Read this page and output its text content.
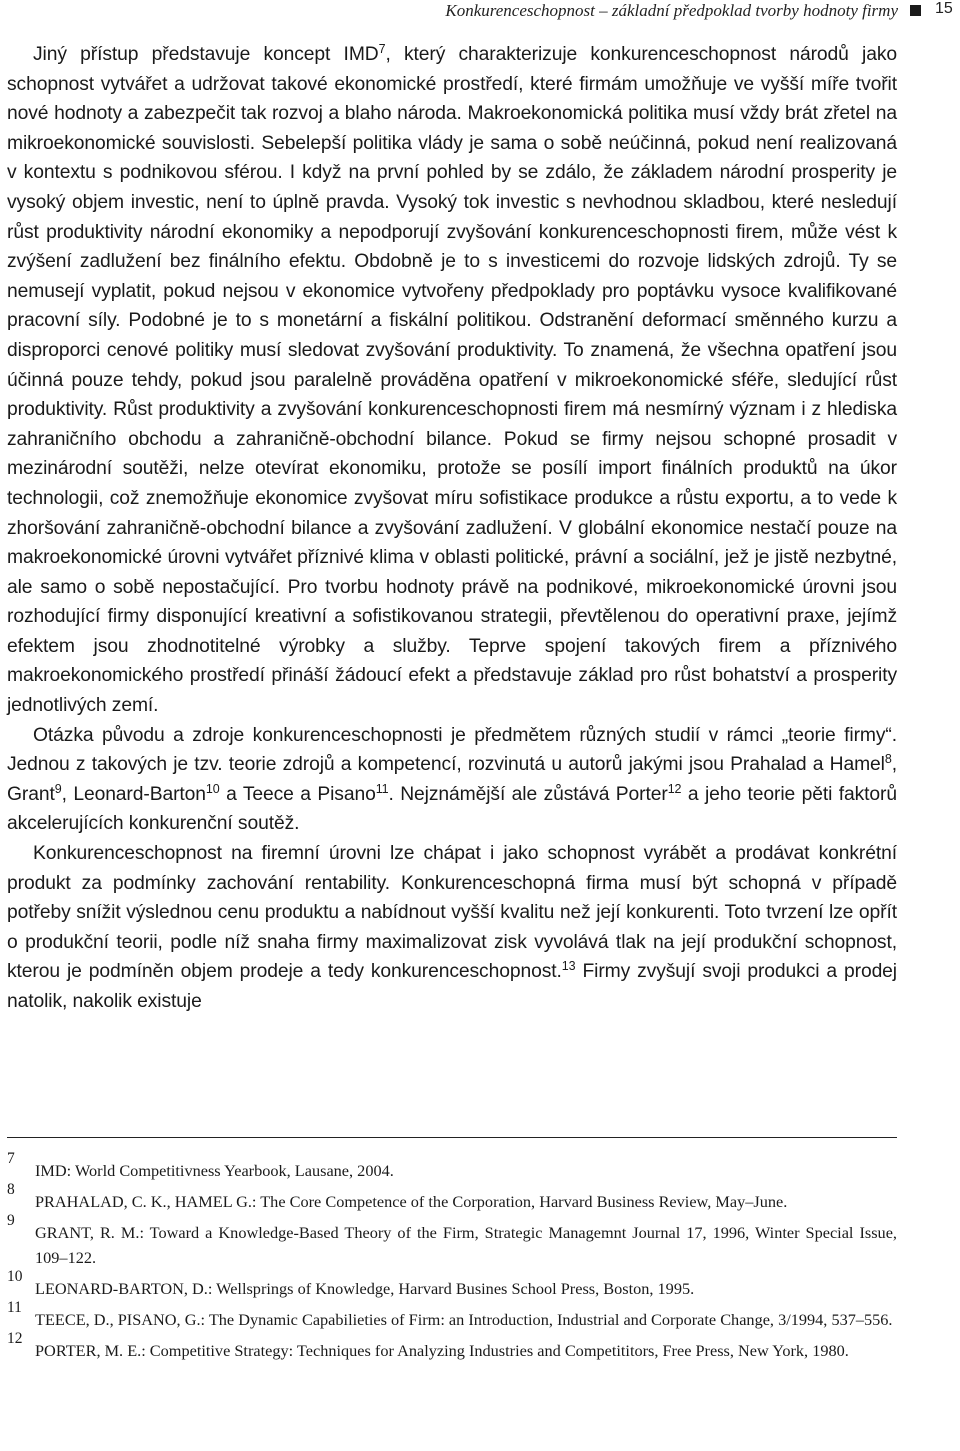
Konkurenceschopnost – základní předpoklad tvorby hodnoty firmy 15

Jiný přístup představuje koncept IMD$^7$, který charakterizuje konkurenceschopnost národů jako schopnost vytvářet a udržovat takové ekonomické prostředí, které firmám umožňuje ve vyšší míře tvořit nové hodnoty a zabezpečit tak rozvoj a blaho národa. Makroekonomická politika musí vždy brát zřetel na mikroekonomické souvislosti. Sebelepší politika vlády je sama o sobě neúčinná, pokud není realizovaná v kontextu s podnikovou sférou. I když na první pohled by se zdálo, že základem národní prosperity je vysoký objem investic, není to úplně pravda. Vysoký tok investic s nevhodnou skladbou, které nesledují růst produktivity národní ekonomiky a nepodporují zvyšování konkurenceschopnosti firem, může vést k zvýšení zadlužení bez finálního efektu. Obdobně je to s investicemi do rozvoje lidských zdrojů. Ty se nemusejí vyplatit, pokud nejsou v ekonomice vytvořeny předpoklady pro poptávku vysoce kvalifikované pracovní síly. Podobné je to s monetární a fiskální politikou. Odstranění deformací směnného kurzu a disproporci cenové politiky musí sledovat zvyšování produktivity. To znamená, že všechna opatření jsou účinná pouze tehdy, pokud jsou paralelně prováděna opatření v mikroekonomické sféře, sledující růst produktivity. Růst produktivity a zvyšování konkurenceschopnosti firem má nesmírný význam i z hlediska zahraničního obchodu a zahraničně-obchodní bilance. Pokud se firmy nejsou schopné prosadit v mezinárodní soutěži, nelze otevírat ekonomiku, protože se posílí import finálních produktů na úkor technologii, což znemožňuje ekonomice zvyšovat míru sofistikace produkce a růstu exportu, a to vede k zhoršování zahraničně-obchodní bilance a zvyšování zadlužení. V globální ekonomice nestačí pouze na makroekonomické úrovni vytvářet příznivé klima v oblasti politické, právní a sociální, jež je jistě nezbytné, ale samo o sobě nepostačující. Pro tvorbu hodnoty právě na podnikové, mikroekonomické úrovni jsou rozhodující firmy disponující kreativní a sofistikovanou strategii, převtělenou do operativní praxe, jejímž efektem jsou zhodnotitelné výrobky a služby. Teprve spojení takových firem a příznivého makroekonomického prostředí přináší žádoucí efekt a představuje základ pro růst bohatství a prosperity jednotlivých zemí.

Otázka původu a zdroje konkurenceschopnosti je předmětem různých studií v rámci „teorie firmy“. Jednou z takových je tzv. teorie zdrojů a kompetencí, rozvinutá u autorů jakými jsou Prahalad a Hamel$^8$, Grant$^9$, Leonard-Barton$^{10}$ a Teece a Pisano$^{11}$. Nejznámější ale zůstává Porter$^{12}$ a jeho teorie pěti faktorů akcelerujících konkurenční soutěž.

Konkurenceschopnost na firemní úrovni lze chápat i jako schopnost vyrábět a prodávat konkrétní produkt za podmínky zachování rentability. Konkurenceschopná firma musí být schopná v případě potřeby snížit výslednou cenu produktu a nabídnout vyšší kvalitu než její konkurenti. Toto tvrzení lze opřít o produkční teorii, podle níž snaha firmy maximalizovat zisk vyvolává tlak na její produkční schopnost, kterou je podmíněn objem prodeje a tedy konkurenceschopnost.$^{13}$ Firmy zvyšují svoji produkci a prodej natolik, nakolik existuje

7
IMD: World Competitivness Yearbook, Lausane, 2004.
8
PRAHALAD, C. K., HAMEL G.: The Core Competence of the Corporation, Harvard Business Review, May–June.
9
GRANT, R. M.: Toward a Knowledge-Based Theory of the Firm, Strategic Managemnt Journal 17, 1996, Winter Special Issue, 109–122.
10
LEONARD-BARTON, D.: Wellsprings of Knowledge, Harvard Busines School Press, Boston, 1995.
11
TEECE, D., PISANO, G.: The Dynamic Capabilieties of Firm: an Introduction, Industrial and Corporate Change, 3/1994, 537–556.
12
PORTER, M. E.: Competitive Strategy: Techniques for Analyzing Industries and Competititors, Free Press, New York, 1980.
